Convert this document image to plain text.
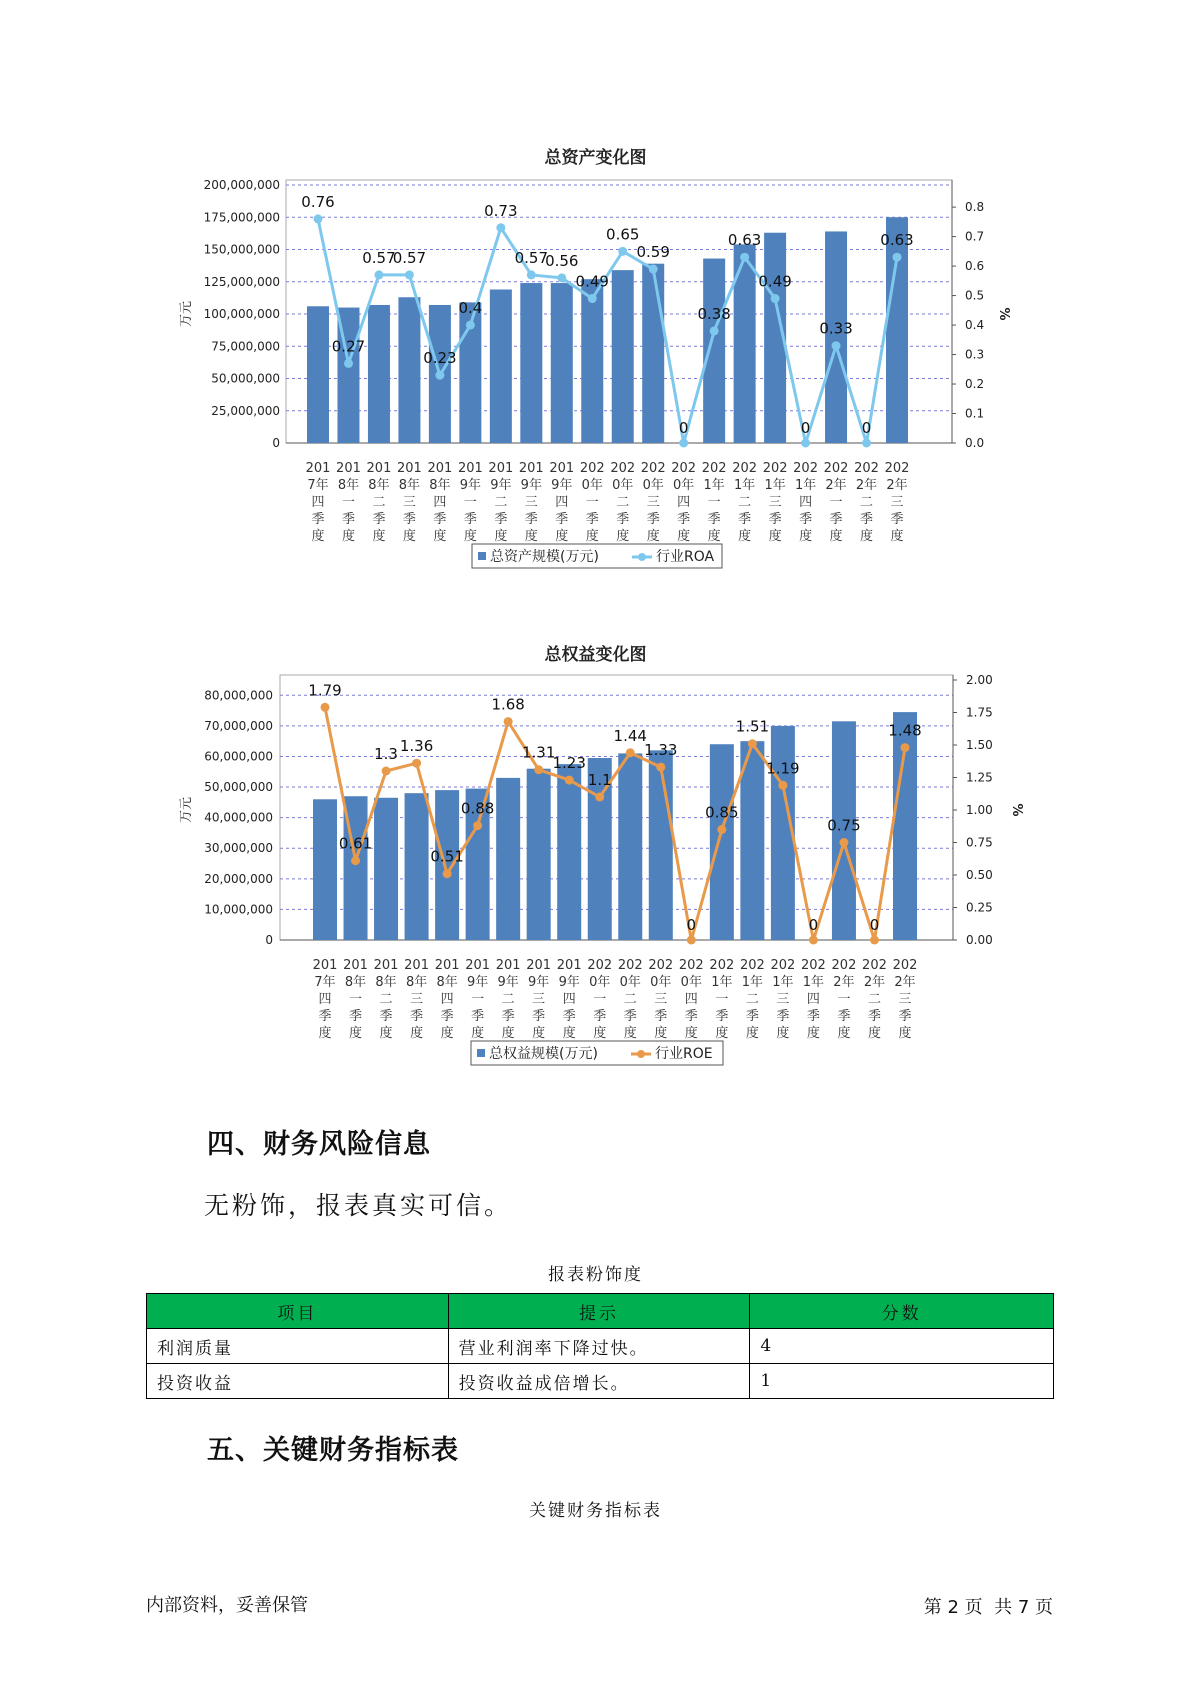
总资产变化图
0
25,000,000
50,000,000
75,000,000
100,000,000
125,000,000
150,000,000
175,000,000
200,000,000
0.0
0.1
0.2
0.3
0.4
0.5
0.6
0.7
0.8
万元	%
0.76
0.27
0.57
0.57
0.23
0.4
0.73
0.57
0.56
0.49
0.65
0.59
0
0.38
0.63
0.49
0
0.33
0
0.63
201
7年
四
季
度
201
8年
一
季
度
201
8年
二
季
度
201
8年
三
季
度
201
8年
四
季
度
201
9年
一
季
度
201
9年
二
季
度
201
9年
三
季
度
201
9年
四
季
度
202
0年
一
季
度
202
0年
二
季
度
202
0年
三
季
度
202
0年
四
季
度
202
1年
一
季
度
202
1年
二
季
度
202
1年
三
季
度
202
1年
四
季
度
202
2年
一
季
度
202
2年
二
季
度
202
2年
三
季
度
总资产规模(万元)	行业ROA
总权益变化图
0
10,000,000
20,000,000
30,000,000
40,000,000
50,000,000
60,000,000
70,000,000
80,000,000
0.00
0.25
0.50
0.75
1.00
1.25
1.50
1.75
2.00
万元	%
1.79
0.61
1.3 1.36
0.51
0.88
1.68
1.31
1.23
1.1
1.44
1.33
0
0.85
1.51
1.19
0
0.75
0
1.48
201
7年
四
季
度
201
8年
一
季
度
201
8年
二
季
度
201
8年
三
季
度
201
8年
四
季
度
201
9年
一
季
度
201
9年
二
季
度
201
9年
三
季
度
201
9年
四
季
度
202
0年
一
季
度
202
0年
二
季
度
202
0年
三
季
度
202
0年
四
季
度
202
1年
一
季
度
202
1年
二
季
度
202
1年
三
季
度
202
1年
四
季
度
202
2年
一
季
度
202
2年
二
季
度
202
2年
三
季
度
总权益规模(万元)	行业ROE
四、财务风险信息
无粉饰，报表真实可信。
报表粉饰度
项目	提示	分数
利润质量	营业利润率下降过快。	4
投资收益	投资收益成倍增长。	1
五、关键财务指标表
关键财务指标表
内部资料，妥善保管	第 2 页  共 7 页
